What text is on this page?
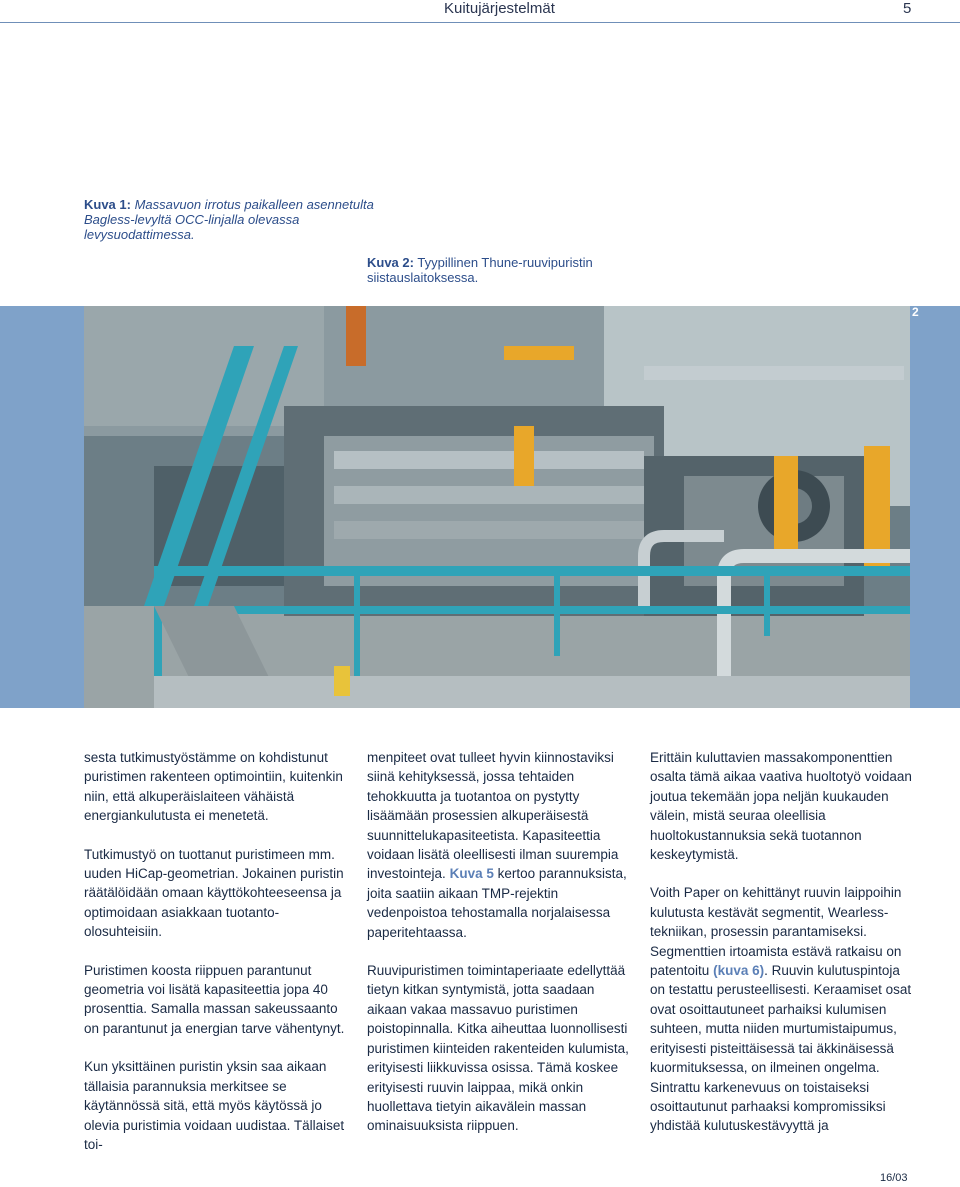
Kuitujärjestelmät	5
Kuva 1: Massavuon irrotus paikalleen asennetulta Bagless-levyltä OCC-linjalla olevassa levysuodattimessa.
Kuva 2: Tyypillinen Thune-ruuvipuristin siistauslaitoksessa.
2

sesta tutkimustyöstämme on kohdistunut puristimen rakenteen optimointiin, kuitenkin niin, että alkuperäislaiteen vähäistä energiankulutusta ei menetetä.

Tutkimustyö on tuottanut puristimeen mm. uuden HiCap-geometrian. Jokainen puristin räätälöidään omaan käyttökohteeseensa ja optimoidaan asiakkaan tuotanto-olosuhteisiin.

Puristimen koosta riippuen parantunut geometria voi lisätä kapasiteettia jopa 40 prosenttia. Samalla massan sakeussaanto on parantunut ja energian tarve vähentynyt.

Kun yksittäinen puristin yksin saa aikaan tällaisia parannuksia merkitsee se käytännössä sitä, että myös käytössä jo olevia puristimia voidaan uudistaa. Tällaiset toi-

menpiteet ovat tulleet hyvin kiinnostaviksi siinä kehityksessä, jossa tehtaiden tehokkuutta ja tuotantoa on pystytty lisäämään prosessien alkuperäisestä suunnittelukapasiteetista. Kapasiteettia voidaan lisätä oleellisesti ilman suurempia investointeja. Kuva 5 kertoo parannuksista, joita saatiin aikaan TMP-rejektin vedenpoistoa tehostamalla norjalaisessa paperitehtaassa.

Ruuvipuristimen toimintaperiaate edellyttää tietyn kitkan syntymistä, jotta saadaan aikaan vakaa massavuo puristimen poistopinnalla. Kitka aiheuttaa luonnollisesti puristimen kiinteiden rakenteiden kulumista, erityisesti liikkuvissa osissa. Tämä koskee erityisesti ruuvin laippaa, mikä onkin huollettava tietyin aikavälein massan ominaisuuksista riippuen.

Erittäin kuluttavien massakomponenttien osalta tämä aikaa vaativa huoltotyö voidaan joutua tekemään jopa neljän kuukauden välein, mistä seuraa oleellisia huoltokustannuksia sekä tuotannon keskeytymistä.

Voith Paper on kehittänyt ruuvin laippoihin kulutusta kestävät segmentit, Wearless-tekniikan, prosessin parantamiseksi. Segmenttien irtoamista estävä ratkaisu on patentoitu (kuva 6). Ruuvin kulutuspintoja on testattu perusteellisesti. Keraamiset osat ovat osoittautuneet parhaiksi kulumisen suhteen, mutta niiden murtumistaipumus, erityisesti pisteittäisessä tai äkkinäisessä kuormituksessa, on ilmeinen ongelma. Sintrattu karkenevuus on toistaiseksi osoittautunut parhaaksi kompromissiksi yhdistää kulutuskestävyyttä ja

16/03
